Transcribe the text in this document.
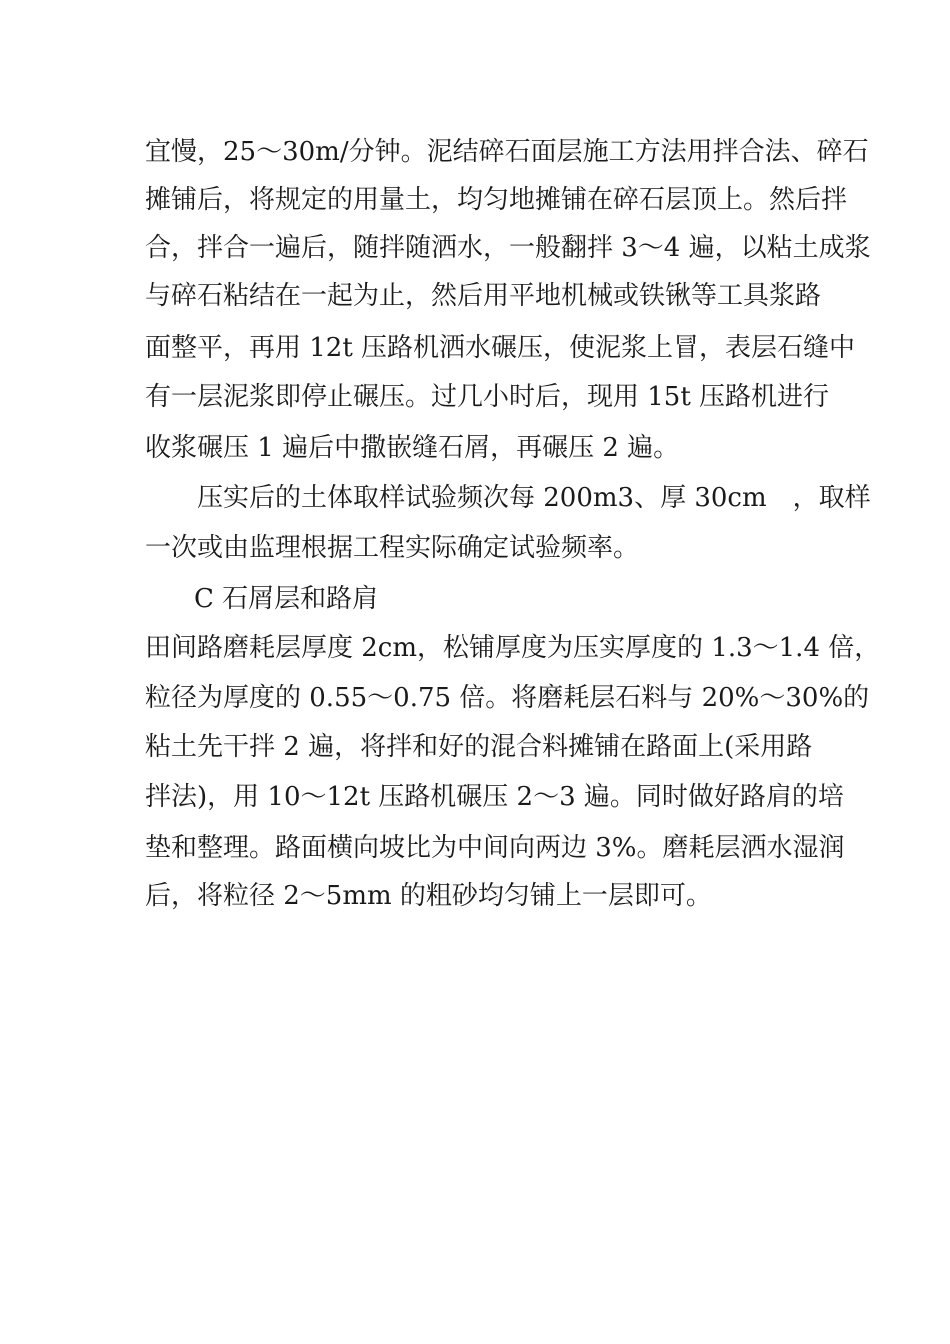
宜慢，25～30m/分钟。泥结碎石面层施工方法用拌合法、碎石
摊铺后，将规定的用量土，均匀地摊铺在碎石层顶上。然后拌
合，拌合一遍后，随拌随洒水，一般翻拌 3～4 遍，以粘土成浆
与碎石粘结在一起为止，然后用平地机械或铁锹等工具浆路
面整平，再用 12t 压路机洒水碾压，使泥浆上冒，表层石缝中
有一层泥浆即停止碾压。过几小时后，现用 15t 压路机进行
收浆碾压 1 遍后中撒嵌缝石屑，再碾压 2 遍。
压实后的土体取样试验频次每 200m3、厚 30cm　，取样
一次或由监理根据工程实际确定试验频率。
C 石屑层和路肩
田间路磨耗层厚度 2cm，松铺厚度为压实厚度的 1.3～1.4 倍，
粒径为厚度的 0.55～0.75 倍。将磨耗层石料与 20%～30%的
粘土先干拌 2 遍，将拌和好的混合料摊铺在路面上(采用路
拌法)，用 10～12t 压路机碾压 2～3 遍。同时做好路肩的培
垫和整理。路面横向坡比为中间向两边 3%。磨耗层洒水湿润
后，将粒径 2～5mm 的粗砂均匀铺上一层即可。
